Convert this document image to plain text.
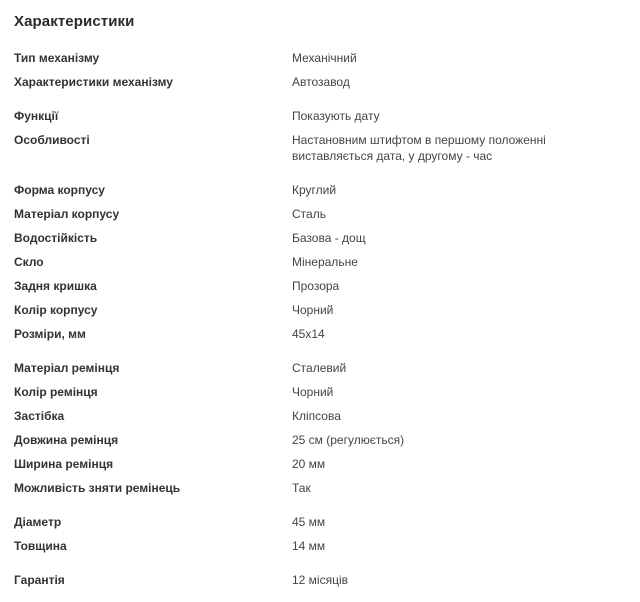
Характеристики
Тип механізму	Механічний
Характеристики механізму	Автозавод

Функції	Показують дату
Особливості	Настановним штифтом в першому положенні виставляється дата, у другому - час

Форма корпусу	Круглий
Матеріал корпусу	Сталь
Водостійкість	Базова - дощ
Скло	Мінеральне
Задня кришка	Прозора
Колір корпусу	Чорний
Розміри, мм	45х14

Матеріал ремінця	Сталевий
Колір ремінця	Чорний
Застібка	Кліпсова
Довжина ремінця	25 см (регулюється)
Ширина ремінця	20 мм
Можливість зняти ремінець	Так

Діаметр	45 мм
Товщина	14 мм

Гарантія	12 місяців
